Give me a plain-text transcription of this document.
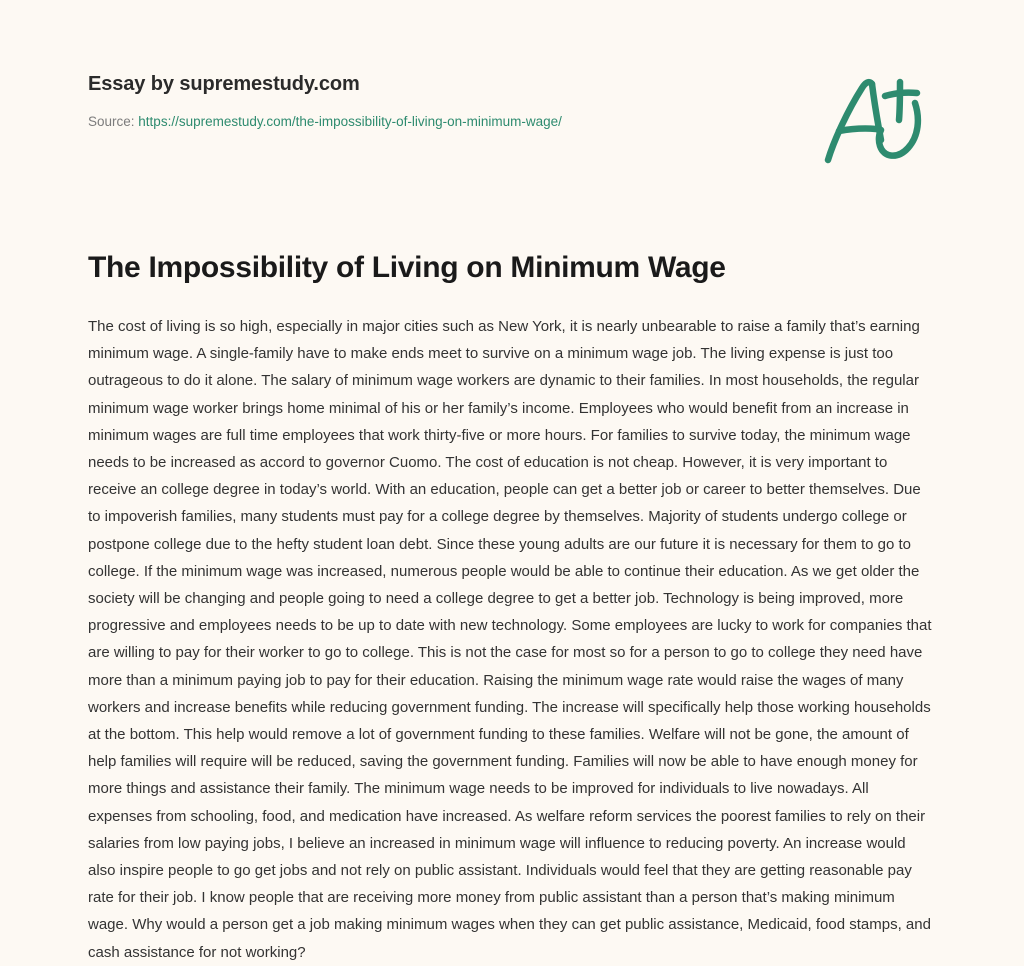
Essay by supremestudy.com
Source: https://supremestudy.com/the-impossibility-of-living-on-minimum-wage/
The Impossibility of Living on Minimum Wage

The cost of living is so high, especially in major cities such as New York, it is nearly unbearable to raise a family that’s earning minimum wage. A single-family have to make ends meet to survive on a minimum wage job. The living expense is just too outrageous to do it alone. The salary of minimum wage workers are dynamic to their families. In most households, the regular minimum wage worker brings home minimal of his or her family’s income. Employees who would benefit from an increase in minimum wages are full time employees that work thirty-five or more hours. For families to survive today, the minimum wage needs to be increased as accord to governor Cuomo. The cost of education is not cheap. However, it is very important to receive an college degree in today’s world. With an education, people can get a better job or career to better themselves. Due to impoverish families, many students must pay for a college degree by themselves. Majority of students undergo college or postpone college due to the hefty student loan debt. Since these young adults are our future it is necessary for them to go to college. If the minimum wage was increased, numerous people would be able to continue their education. As we get older the society will be changing and people going to need a college degree to get a better job. Technology is being improved, more progressive and employees needs to be up to date with new technology. Some employees are lucky to work for companies that are willing to pay for their worker to go to college. This is not the case for most so for a person to go to college they need have more than a minimum paying job to pay for their education. Raising the minimum wage rate would raise the wages of many workers and increase benefits while reducing government funding. The increase will specifically help those working households at the bottom. This help would remove a lot of government funding to these families. Welfare will not be gone, the amount of help families will require will be reduced, saving the government funding. Families will now be able to have enough money for more things and assistance their family. The minimum wage needs to be improved for individuals to live nowadays. All expenses from schooling, food, and medication have increased. As welfare reform services the poorest families to rely on their salaries from low paying jobs, I believe an increased in minimum wage will influence to reducing poverty. An increase would also inspire people to go get jobs and not rely on public assistant. Individuals would feel that they are getting reasonable pay rate for their job. I know people that are receiving more money from public assistant than a person that’s making minimum wage. Why would a person get a job making minimum wages when they can get public assistance, Medicaid, food stamps, and cash assistance for not working?
